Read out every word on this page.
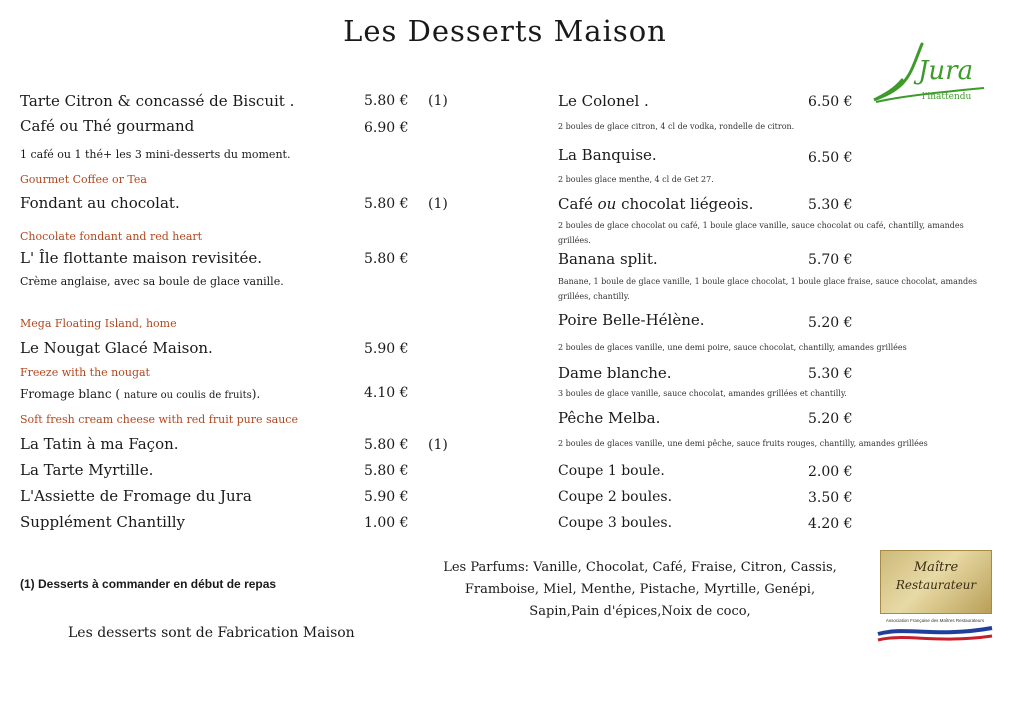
Les Desserts Maison
Tarte Citron & concassé de Biscuit .	5.80 € (1)
Café ou Thé gourmand	6.90 €
1 café ou 1 thé+ les 3 mini-desserts du moment.
Gourmet Coffee or Tea
Fondant au chocolat.	5.80 € (1)
Chocolate fondant and red heart
L' Île flottante maison revisitée.	5.80 €
Crème anglaise, avec sa boule de glace vanille.
Mega Floating Island, home
Le Nougat Glacé Maison.	5.90 €
Freeze with the nougat
Fromage blanc ( nature ou coulis de fruits).	4.10 €
Soft fresh cream cheese with red fruit pure sauce
La Tatin à ma Façon.	5.80 € (1)
La Tarte Myrtille.	5.80 €
L'Assiette de Fromage du Jura	5.90 €
Supplément Chantilly	1.00 €
Le Colonel .	6.50 €
2 boules de glace citron, 4 cl de vodka, rondelle de citron.
La Banquise.	6.50 €
2 boules glace menthe, 4 cl de Get 27.
Café ou chocolat liégeois.	5.30 €
2 boules de glace chocolat ou café, 1 boule glace vanille, sauce chocolat ou café, chantilly, amandes grillées.
Banana split.	5.70 €
Banane, 1 boule de glace vanille, 1 boule glace chocolat, 1 boule glace fraise, sauce chocolat, amandes grillées, chantilly.
Poire Belle-Hélène.	5.20 €
2 boules de glaces vanille, une demi poire, sauce chocolat, chantilly, amandes grillées
Dame blanche.	5.30 €
3 boules de glace vanille, sauce chocolat, amandes grillées et chantilly.
Pêche Melba.	5.20 €
2 boules de glaces vanille, une demi pêche, sauce fruits rouges, chantilly, amandes grillées
Coupe 1 boule.	2.00 €
Coupe 2 boules.	3.50 €
Coupe 3 boules.	4.20 €
(1) Desserts à commander en début de repas
Les desserts sont de Fabrication Maison
Les Parfums: Vanille, Chocolat, Café, Fraise, Citron, Cassis, Framboise, Miel, Menthe, Pistache, Myrtille, Genépi, Sapin,Pain d'épices,Noix de coco,
Jura
l'inattendu
Maître
Restaurateur
Association Française des Maîtres Restaurateurs
